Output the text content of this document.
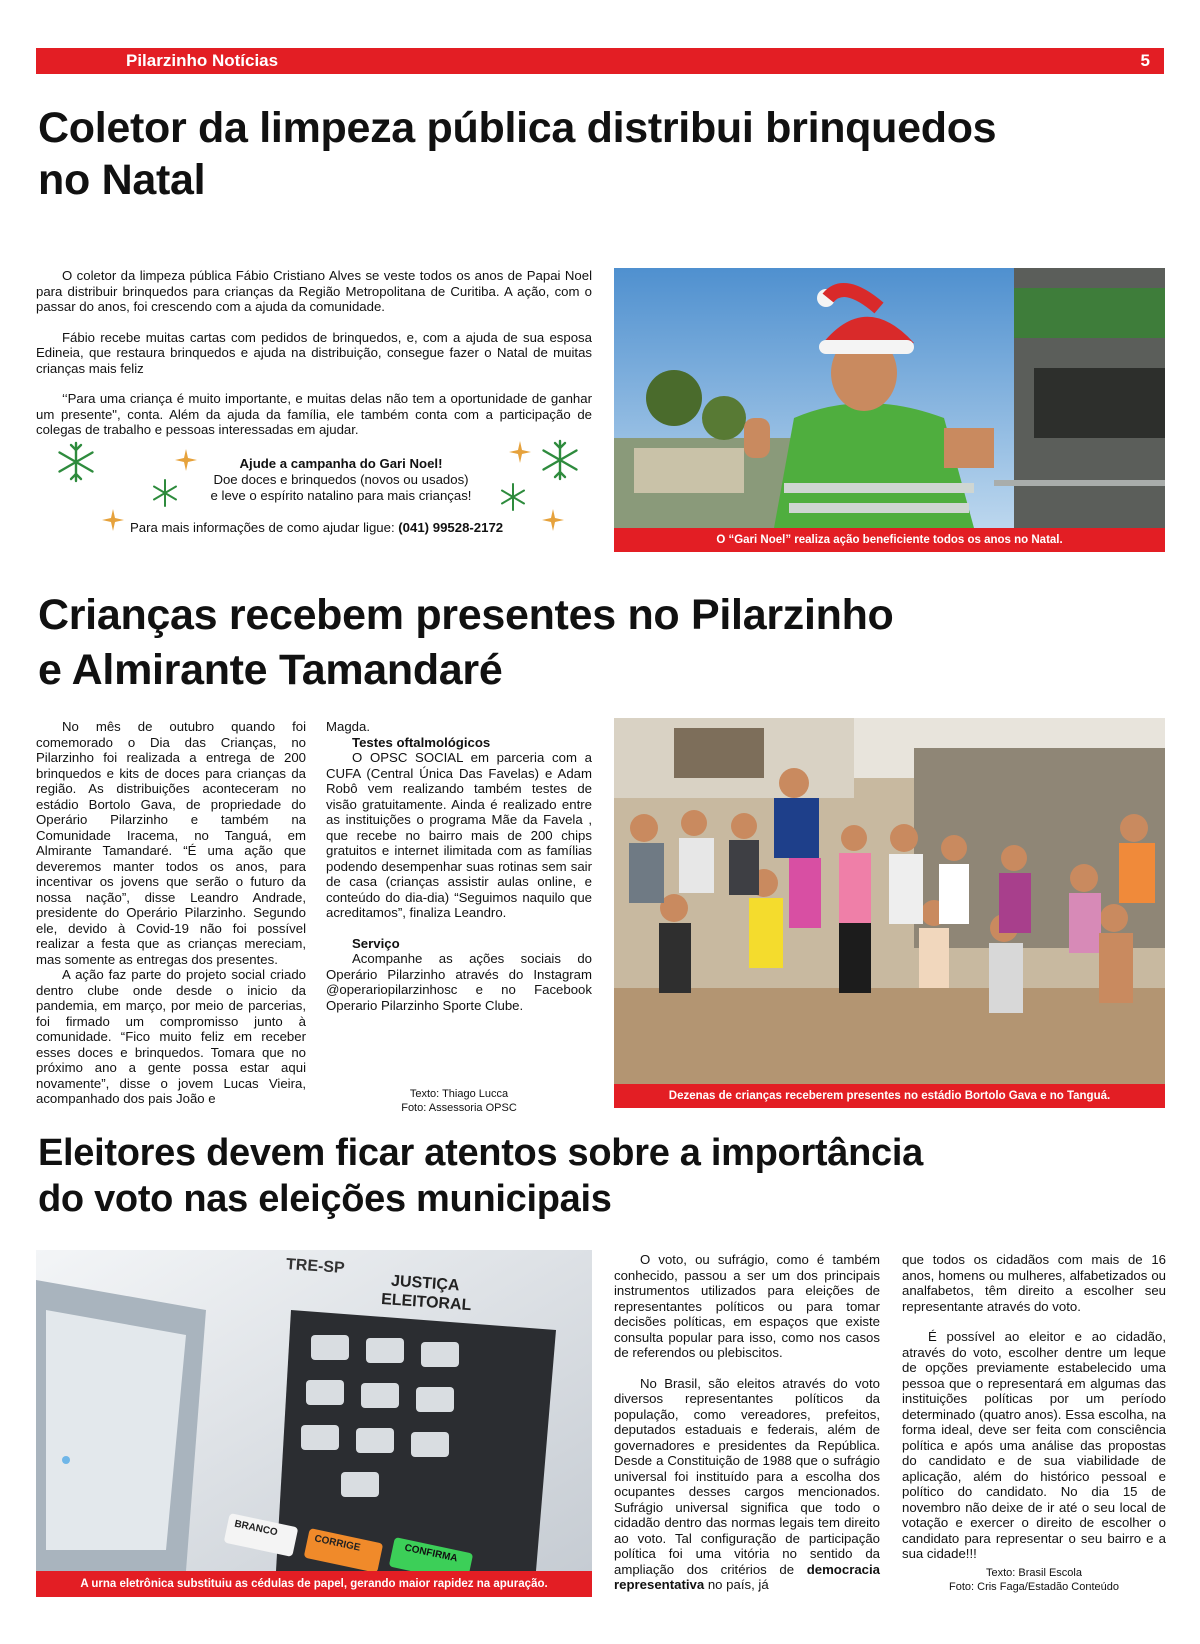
Pilarzinho Notícias	5
Coletor da limpeza pública distribui brinquedos
no Natal

O coletor da limpeza pública Fábio Cristiano Alves se veste todos os anos de Papai Noel para distribuir brinquedos para crianças da Região Metropolitana de Curitiba. A ação, com o passar do anos, foi crescendo com a ajuda da comunidade.

Fábio recebe muitas cartas com pedidos de brinquedos, e, com a ajuda de sua esposa Edineia, que restaura brinquedos e ajuda na distribuição, consegue fazer o Natal de muitas crianças mais feliz

‘‘Para uma criança é muito importante, e muitas delas não tem a oportunidade de ganhar um presente", conta. Além da ajuda da família, ele também conta com a participação de colegas de trabalho e pessoas interessadas em ajudar.

Ajude a campanha do Gari Noel!
Doe doces e brinquedos (novos ou usados)
e leve o espírito natalino para mais crianças!
Para mais informações de como ajudar ligue: (041) 99528-2172
O “Gari Noel” realiza ação beneficiente todos os anos no Natal.
Crianças recebem presentes no Pilarzinho
e Almirante Tamandaré

No mês de outubro quando foi comemorado o Dia das Crianças, no Pilarzinho foi realizada a entrega de 200 brinquedos e kits de doces para crianças da região. As distribuições aconteceram no estádio Bortolo Gava, de propriedade do Operário Pilarzinho e também na Comunidade Iracema, no Tanguá, em Almirante Tamandaré. “É uma ação que deveremos manter todos os anos, para incentivar os jovens que serão o futuro da nossa nação”, disse Leandro Andrade, presidente do Operário Pilarzinho. Segundo ele, devido à Covid-19 não foi possível realizar a festa que as crianças mereciam, mas somente as entregas dos presentes.

A ação faz parte do projeto social criado dentro clube onde desde o inicio da pandemia, em março, por meio de parcerias, foi firmado um compromisso junto à comunidade. “Fico muito feliz em receber esses doces e brinquedos. Tomara que no próximo ano a gente possa estar aqui novamente”, disse o jovem Lucas Vieira, acompanhado dos pais João e

Magda.
Testes oftalmológicos

O OPSC SOCIAL em parceria com a CUFA (Central Única Das Favelas) e Adam Robô vem realizando também testes de visão gratuitamente. Ainda é realizado entre as instituições o programa Mãe da Favela , que recebe no bairro mais de 200 chips gratuitos e internet ilimitada com as famílias podendo desempenhar suas rotinas sem sair de casa (crianças assistir aulas online, e conteúdo do dia-dia) “Seguimos naquilo que acreditamos”, finaliza Leandro.

Serviço

Acompanhe as ações sociais do Operário Pilarzinho através do Instagram @operariopilarzinhosc e no Facebook Operario Pilarzinho Sporte Clube.

Texto: Thiago Lucca
Foto: Assessoria OPSC
Dezenas de crianças receberem presentes no estádio Bortolo Gava e no Tanguá.
Eleitores devem ficar atentos sobre a importância
do voto nas eleições municipais
TRE-SP
JUSTIÇA
ELEITORAL
BRANCO
CORRIGE	CONFIRMA
A urna eletrônica substituiu as cédulas de papel, gerando maior rapidez na apuração.

O voto, ou sufrágio, como é também conhecido, passou a ser um dos principais instrumentos utilizados para eleições de representantes políticos ou para tomar decisões políticas, em espaços que existe consulta popular para isso, como nos casos de referendos ou plebiscitos.

No Brasil, são eleitos através do voto diversos representantes políticos da população, como vereadores, prefeitos, deputados estaduais e federais, além de governadores e presidentes da República. Desde a Constituição de 1988 que o sufrágio universal foi instituído para a escolha dos ocupantes desses cargos mencionados. Sufrágio universal significa que todo o cidadão dentro das normas legais tem direito ao voto. Tal configuração de participação política foi uma vitória no sentido da ampliação dos critérios de democracia representativa no país, já

que todos os cidadãos com mais de 16 anos, homens ou mulheres, alfabetizados ou analfabetos, têm direito a escolher seu representante através do voto.

É possível ao eleitor e ao cidadão, através do voto, escolher dentre um leque de opções previamente estabelecido uma pessoa que o representará em algumas das instituições políticas por um período determinado (quatro anos). Essa escolha, na forma ideal, deve ser feita com consciência política e após uma análise das propostas do candidato e de sua viabilidade de aplicação, além do histórico pessoal e político do candidato. No dia 15 de novembro não deixe de ir até o seu local de votação e exercer o direito de escolher o candidato para representar o seu bairro e a sua cidade!!!

Texto: Brasil Escola
Foto: Cris Faga/Estadão Conteúdo
